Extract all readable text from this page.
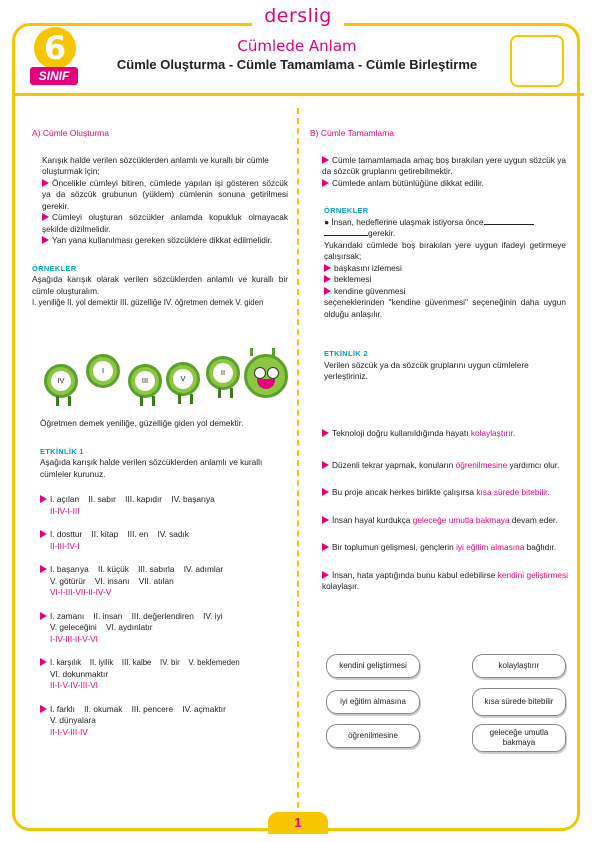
derslig
6
SINIF
Cümlede Anlam
Cümle Oluşturma - Cümle Tamamlama - Cümle Birleştirme

A) Cümle Oluşturma

Karışık halde verilen sözcüklerden anlamlı ve kurallı bir cümle oluşturmak için;

Öncelikle cümleyi bitiren, cümlede yapılan işi gösteren sözcük ya da sözcük grubunun (yüklem) cümlenin sonuna getirilmesi gerekir.

Cümleyi oluşturan sözcükler anlamda kopukluk olmayacak şekilde dizilmelidir.

Yan yana kullanılması gereken sözcüklere dikkat edilmelidir.

ÖRNEKLER

Aşağıda karışık olarak verilen sözcüklerden anlamlı ve kurallı bir cümle oluşturalım.

I. yeniliğe II. yol demektir III. güzelliğe IV. öğretmen demek V. giden

IV
I
III	V
II

Öğretmen demek yeniliğe, güzelliğe giden yol demektir.

ETKİNLİK 1

Aşağıda karışık halde verilen sözcüklerden anlamlı ve kurallı cümleler kurunuz.

I. açılan    II. sabır    III. kapıdır    IV. başarıya

II-IV-I-III

I. dosttur    II. kitap    III. en    IV. sadık

II-III-IV-I

I. başarıya    II. küçük    III. sabırla    IV. adımlar

V. götürür    VI. insanı    VII. atılan

VI-I-III-VII-II-IV-V

I. zamanı    II. insan    III. değerlendiren    IV. iyi

V. geleceğini    VI. aydınlatır

I-IV-III-II-V-VI

I. karşılık    II. iyilik    III. kalbe    IV. bir    V. beklemeden

VI. dokunmaktır

II-I-V-IV-III-VI

I. farklı    II. okumak    III. pencere    IV. açmaktır

V. dünyalara

II-I-V-III-IV

B) Cümle Tamamlama

Cümle tamamlamada amaç boş bırakılan yere uygun sözcük ya da sözcük gruplarını getirebilmektir.

Cümlede anlam bütünlüğüne dikkat edilir.

ÖRNEKLER

● İnsan, hedeflerine ulaşmak istiyorsa önce

gerekir.

Yukarıdaki cümlede boş bırakılan yere uygun ifadeyi getirmeye çalışırsak;

başkasını izlemesi

beklemesi

kendine güvenmesi

seçeneklerinden "kendine güvenmesi" seçeneğinin daha uygun olduğu anlaşılır.

ETKİNLİK 2

Verilen sözcük ya da sözcük gruplarını uygun cümlelere yerleştiriniz.

Teknoloji doğru kullanıldığında hayatı kolaylaştırır.

Düzenli tekrar yapmak, konuların öğrenilmesine yardımcı olur.

Bu proje ancak herkes birlikte çalışırsa kısa sürede bitebilir.

İnsan hayal kurdukça geleceğe umutla bakmaya devam eder.

Bir toplumun gelişmesi, gençlerin iyi eğitim almasına bağlıdır.

İnsan, hata yaptığında bunu kabul edebilirse kendini geliştirmesi kolaylaşır.

kendini geliştirmesi	kolaylaştırır
iyi eğitim almasına	kısa sürede bitebilir
öğrenilmesine	geleceğe umutla bakmaya
1
